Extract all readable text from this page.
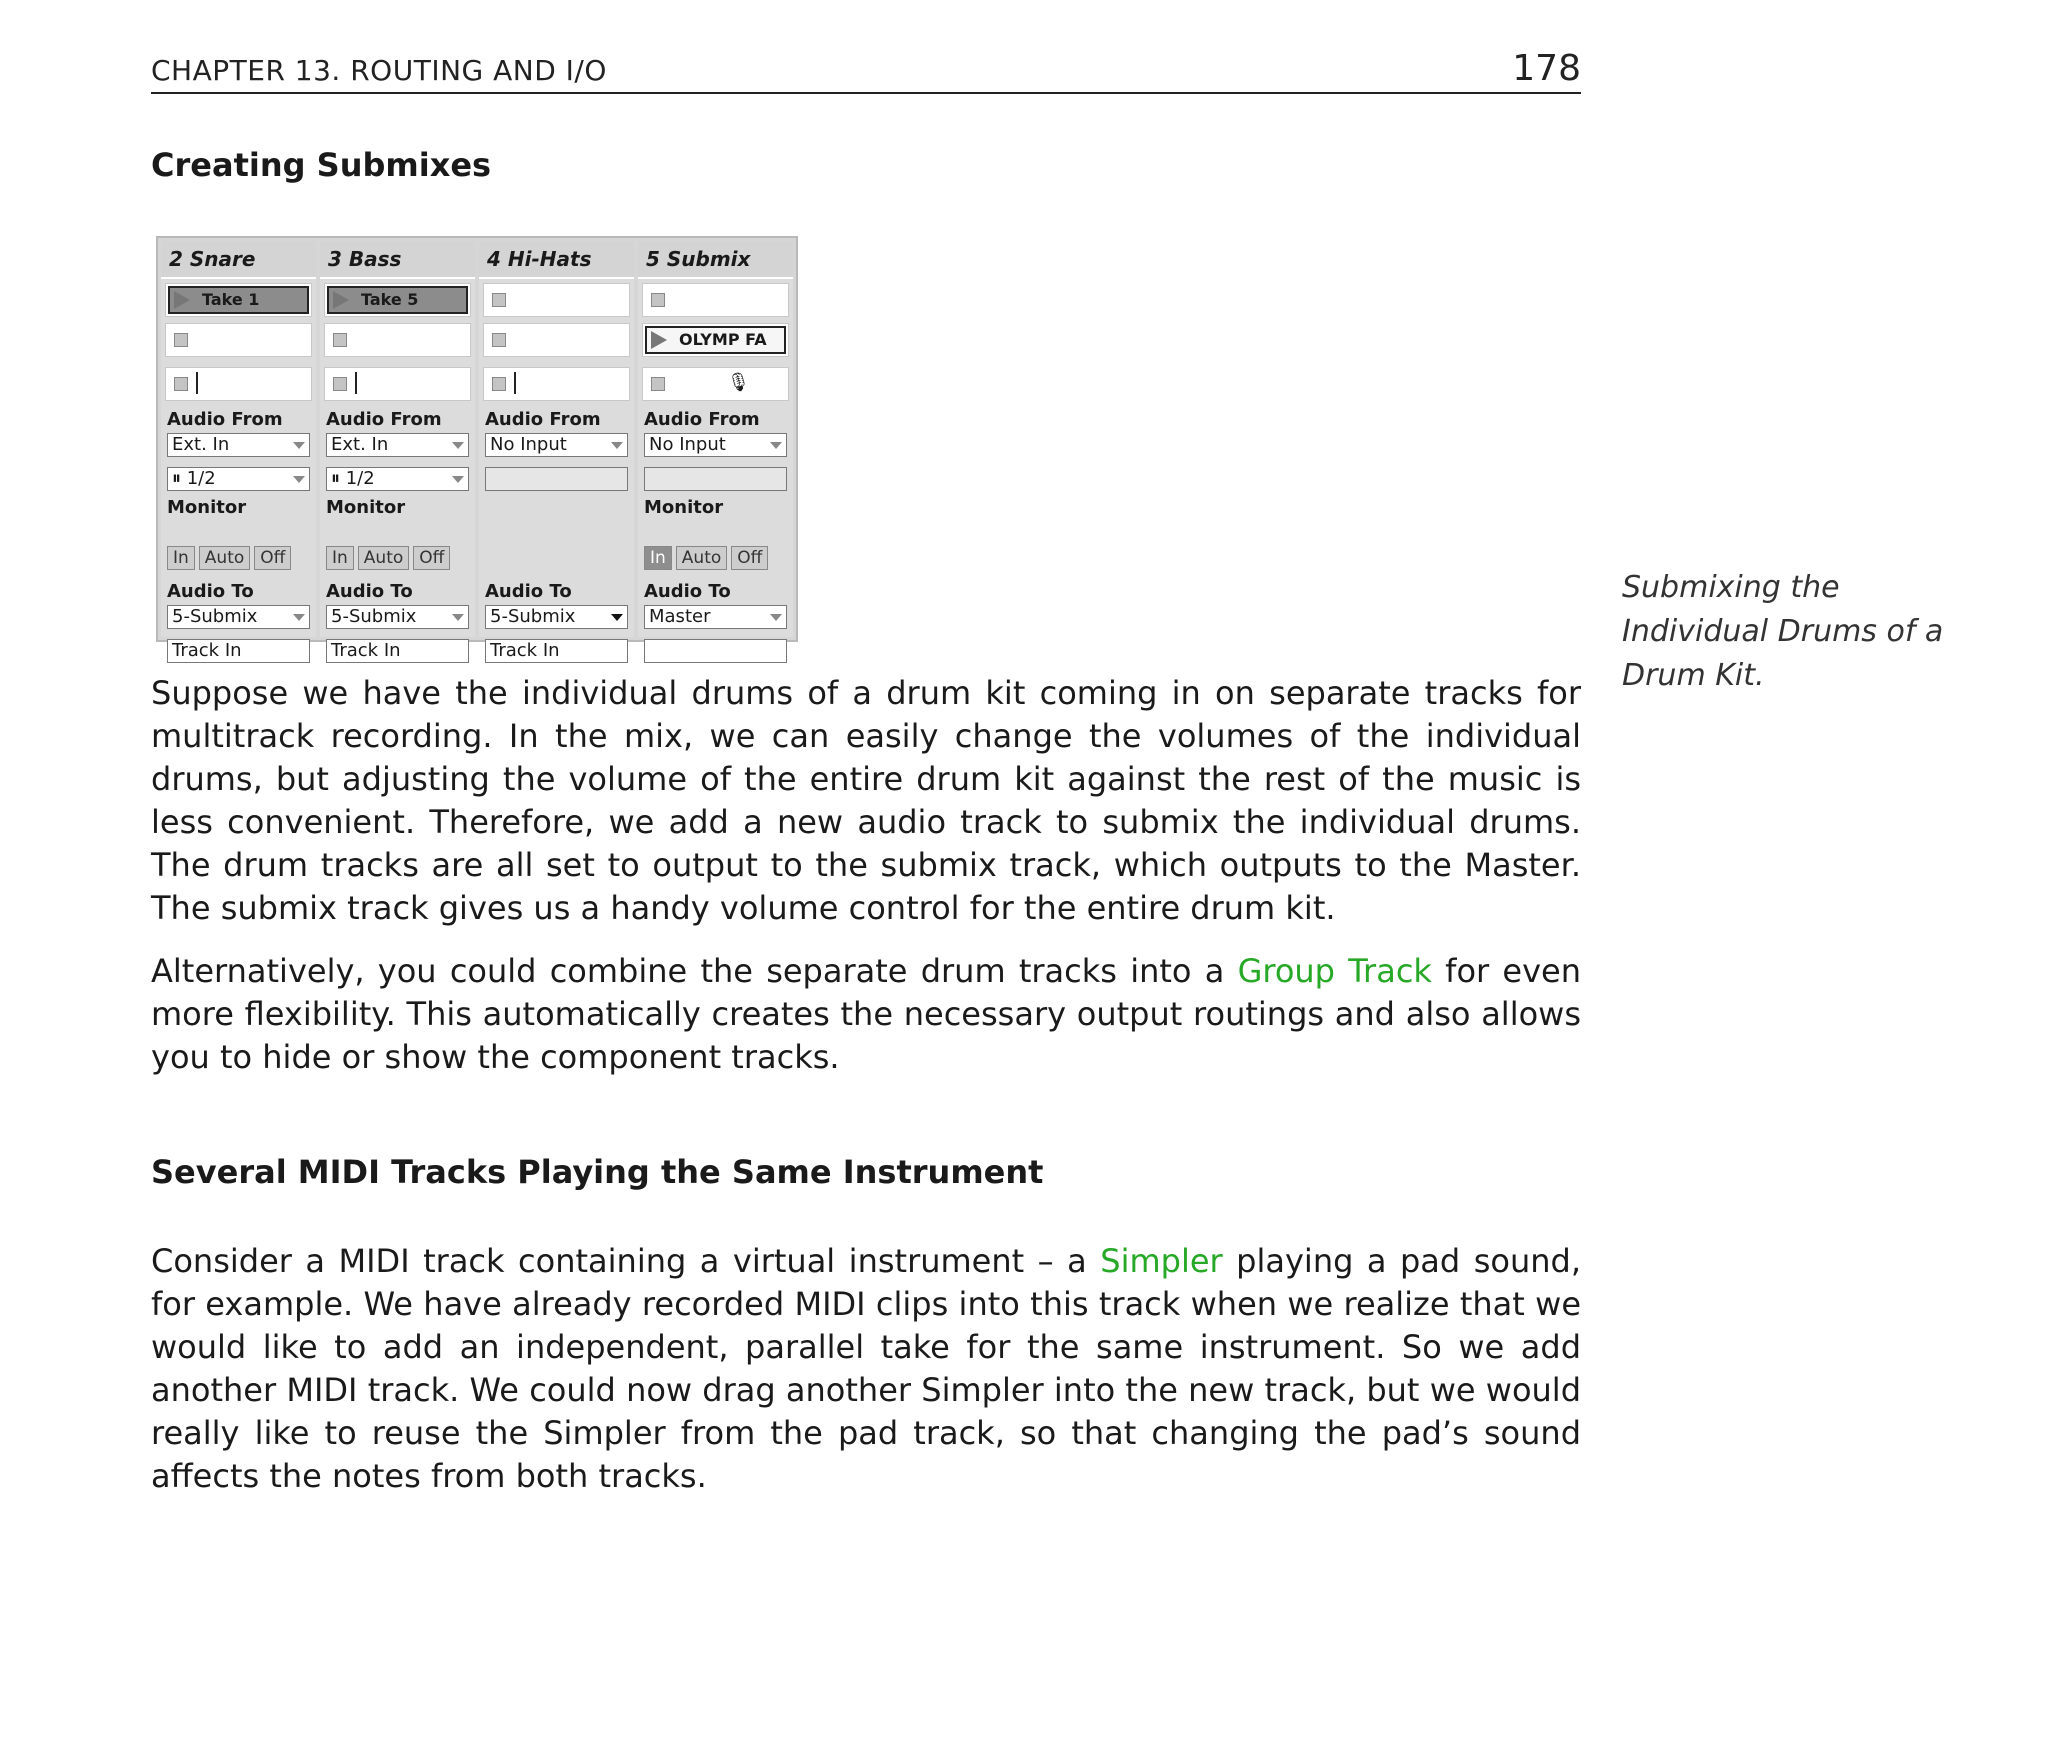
CHAPTER 13. ROUTING AND I/O	178
Creating Submixes
2 Snare
Take 1
Audio From
Ext. In
⏸ 1/2
Monitor
In Auto Off
Audio To
5-Submix
Track In
3 Bass
Take 5
Audio From
Ext. In
⏸ 1/2
Monitor
In Auto Off
Audio To
5-Submix
Track In
4 Hi-Hats
Audio From
No Input
Audio To
5-Submix
Track In
5 Submix
OLYMP FA
🎙
Audio From
No Input
Monitor
In Auto Off
Audio To
Master
Submixing the Individual Drums of a Drum Kit.

Suppose we have the individual drums of a drum kit coming in on separate tracks for multitrack recording. In the mix, we can easily change the volumes of the individual drums, but adjusting the volume of the entire drum kit against the rest of the music is less convenient. Therefore, we add a new audio track to submix the individual drums. The drum tracks are all set to output to the submix track, which outputs to the Master. The submix track gives us a handy volume control for the entire drum kit.

Alternatively, you could combine the separate drum tracks into a Group Track for even more flexibility. This automatically creates the necessary output routings and also allows you to hide or show the component tracks.

Several MIDI Tracks Playing the Same Instrument

Consider a MIDI track containing a virtual instrument – a Simpler playing a pad sound, for example. We have already recorded MIDI clips into this track when we realize that we would like to add an independent, parallel take for the same instrument. So we add another MIDI track. We could now drag another Simpler into the new track, but we would really like to reuse the Simpler from the pad track, so that changing the pad’s sound affects the notes from both tracks.
